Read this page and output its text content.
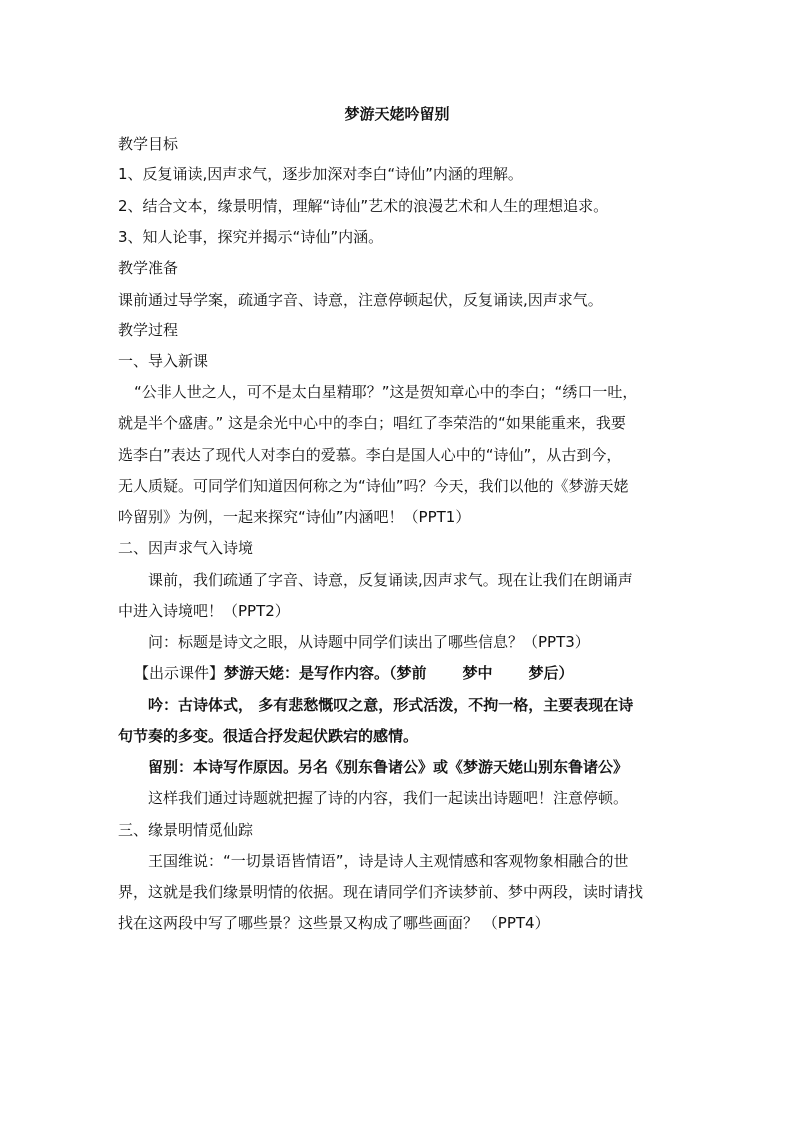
梦游天姥吟留别
教学目标
1、反复诵读,因声求气，逐步加深对李白“诗仙”内涵的理解。
2、结合文本，缘景明情，理解“诗仙”艺术的浪漫艺术和人生的理想追求。
3、知人论事，探究并揭示“诗仙”内涵。
教学准备
课前通过导学案，疏通字音、诗意，注意停顿起伏，反复诵读,因声求气。
教学过程
一、导入新课
“公非人世之人，可不是太白星精耶？”这是贺知章心中的李白；“绣口一吐，
就是半个盛唐。” 这是余光中心中的李白；唱红了李荣浩的“如果能重来，我要
选李白”表达了现代人对李白的爱慕。李白是国人心中的“诗仙”，从古到今，
无人质疑。可同学们知道因何称之为“诗仙”吗？今天，我们以他的《梦游天姥
吟留别》为例，一起来探究“诗仙”内涵吧！（PPT1）
二、因声求气入诗境
课前，我们疏通了字音、诗意，反复诵读,因声求气。现在让我们在朗诵声
中进入诗境吧！（PPT2）
问：标题是诗文之眼，从诗题中同学们读出了哪些信息？（PPT3）
【出示课件】梦游天姥：是写作内容。（梦前 梦中 梦后）
吟：古诗体式， 多有悲愁慨叹之意，形式活泼，不拘一格，主要表现在诗
句节奏的多变。很适合抒发起伏跌宕的感情。
留别：本诗写作原因。另名《别东鲁诸公》或《梦游天姥山别东鲁诸公》
这样我们通过诗题就把握了诗的内容，我们一起读出诗题吧！注意停顿。
三、缘景明情觅仙踪
王国维说：“一切景语皆情语”，诗是诗人主观情感和客观物象相融合的世
界，这就是我们缘景明情的依据。现在请同学们齐读梦前、梦中两段，读时请找
找在这两段中写了哪些景？这些景又构成了哪些画面？ （PPT4）
